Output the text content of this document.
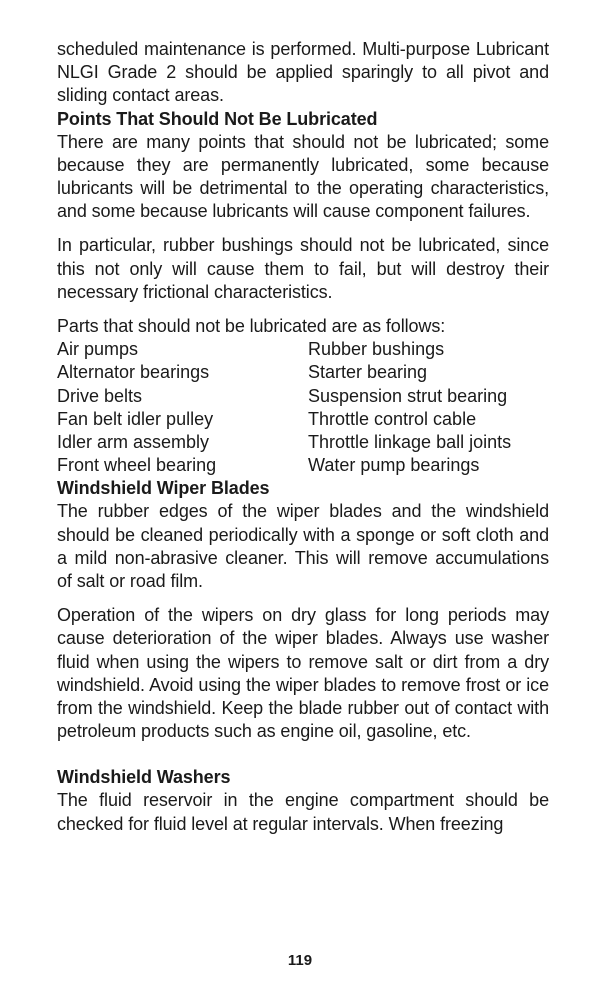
scheduled maintenance is performed. Multi-purpose Lubricant NLGI Grade 2 should be applied sparingly to all pivot and sliding contact areas.

Points That Should Not Be Lubricated

There are many points that should not be lubricated; some because they are permanently lubricated, some because lubricants will be detrimental to the operating characteristics, and some because lubricants will cause component failures.

In particular, rubber bushings should not be lubricated, since this not only will cause them to fail, but will destroy their necessary frictional characteristics.

Parts that should not be lubricated are as follows:

Air pumps
Alternator bearings
Drive belts
Fan belt idler pulley
Idler arm assembly
Front wheel bearing
Rubber bushings
Starter bearing
Suspension strut bearing
Throttle control cable
Throttle linkage ball joints
Water pump bearings
Windshield Wiper Blades

The rubber edges of the wiper blades and the windshield should be cleaned periodically with a sponge or soft cloth and a mild non-abrasive cleaner. This will remove accumulations of salt or road film.

Operation of the wipers on dry glass for long periods may cause deterioration of the wiper blades. Always use washer fluid when using the wipers to remove salt or dirt from a dry windshield. Avoid using the wiper blades to remove frost or ice from the windshield. Keep the blade rubber out of contact with petroleum products such as engine oil, gasoline, etc.

Windshield Washers

The fluid reservoir in the engine compartment should be checked for fluid level at regular intervals. When freezing

119
